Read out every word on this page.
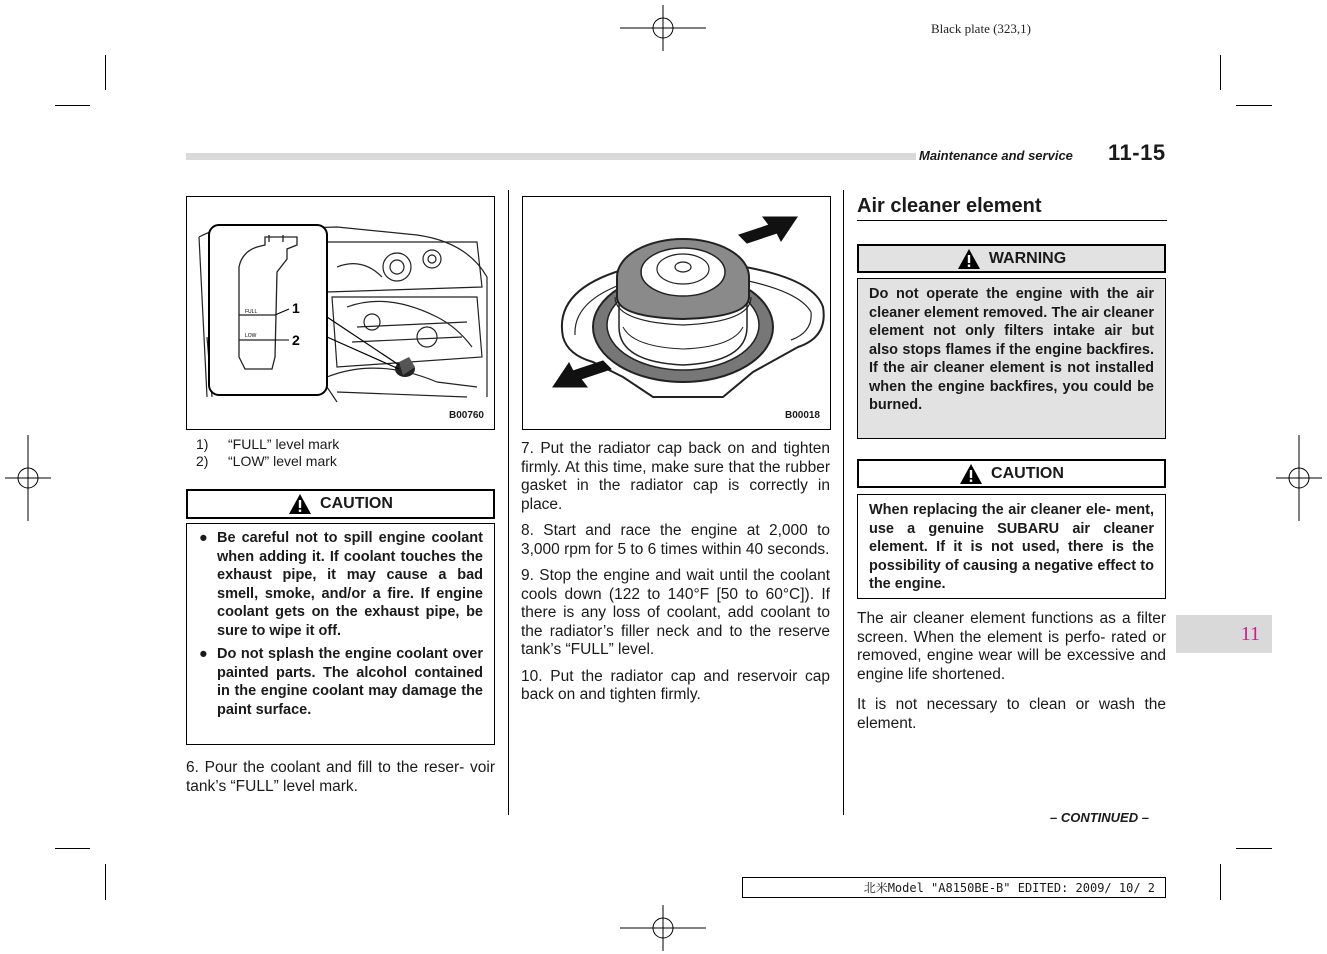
Black plate (323,1)
Maintenance and service 11-15
FULL
LOW
1
2
B00760
1) “FULL” level mark
2) “LOW” level mark
CAUTION
● Be careful not to spill engine coolant when adding it. If coolant touches the exhaust pipe, it may cause a bad smell, smoke, and/or a fire. If engine coolant gets on the exhaust pipe, be sure to wipe it off.
● Do not splash the engine coolant over painted parts. The alcohol contained in the engine coolant may damage the paint surface.

6. Pour the coolant and fill to the reser- voir tank’s “FULL” level mark.

B00018

7. Put the radiator cap back on and tighten firmly. At this time, make sure that the rubber gasket in the radiator cap is correctly in place.

8. Start and race the engine at 2,000 to 3,000 rpm for 5 to 6 times within 40 seconds.

9. Stop the engine and wait until the coolant cools down (122 to 140°F [50 to 60°C]). If there is any loss of coolant, add coolant to the radiator’s filler neck and to the reserve tank’s “FULL” level.

10. Put the radiator cap and reservoir cap back on and tighten firmly.

Air cleaner element
WARNING
Do not operate the engine with the air cleaner element removed. The air cleaner element not only filters intake air but also stops flames if the engine backfires. If the air cleaner element is not installed when the engine backfires, you could be burned.
CAUTION
When replacing the air cleaner ele- ment, use a genuine SUBARU air cleaner element. If it is not used, there is the possibility of causing a negative effect to the engine.

The air cleaner element functions as a filter screen. When the element is perfo- rated or removed, engine wear will be excessive and engine life shortened.

It is not necessary to clean or wash the element.

– CONTINUED –
11
北米Model "A8150BE-B" EDITED: 2009/ 10/ 2
